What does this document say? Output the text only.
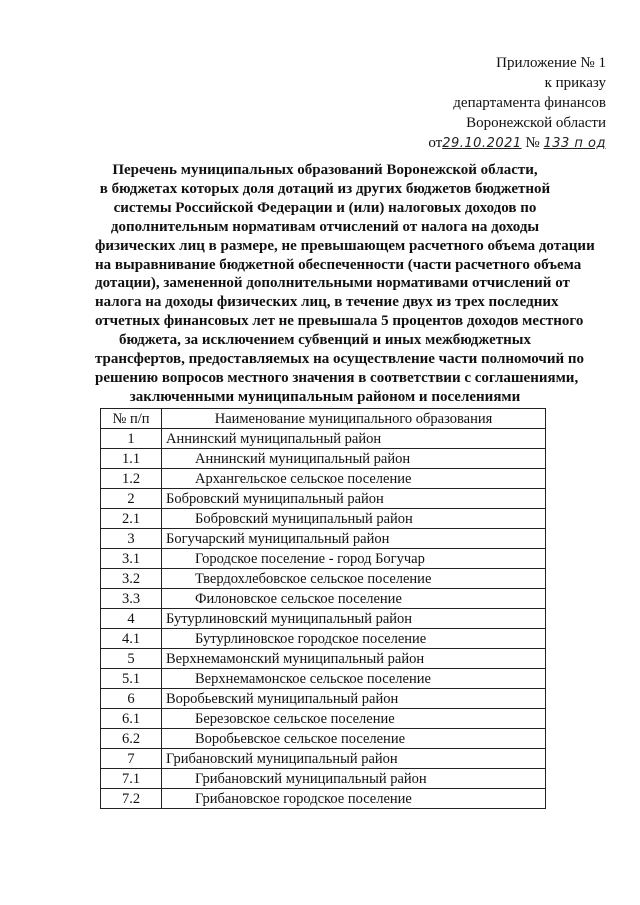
Приложение № 1
к приказу
департамента финансов
Воронежской области
от29.10.2021 № 133 п од
Перечень муниципальных образований Воронежской области,
в бюджетах которых доля дотаций из других бюджетов бюджетной
системы Российской Федерации и (или) налоговых доходов по
дополнительным нормативам отчислений от налога на доходы
физических лиц в размере, не превышающем расчетного объема дотации
на выравнивание бюджетной обеспеченности (части расчетного объема
дотации), замененной дополнительными нормативами отчислений от
налога на доходы физических лиц, в течение двух из трех последних
отчетных финансовых лет не превышала 5 процентов доходов местного
бюджета, за исключением субвенций и иных межбюджетных
трансфертов, предоставляемых на осуществление части полномочий по
решению вопросов местного значения в соответствии с соглашениями,
заключенными муниципальным районом и поселениями
№ п/п	Наименование муниципального образования
1	Аннинский муниципальный район
1.1	Аннинский муниципальный район
1.2	Архангельское сельское поселение
2	Бобровский муниципальный район
2.1	Бобровский муниципальный район
3	Богучарский муниципальный район
3.1	Городское поселение - город Богучар
3.2	Твердохлебовское сельское поселение
3.3	Филоновское сельское поселение
4	Бутурлиновский муниципальный район
4.1	Бутурлиновское городское поселение
5	Верхнемамонский муниципальный район
5.1	Верхнемамонское сельское поселение
6	Воробьевский муниципальный район
6.1	Березовское сельское поселение
6.2	Воробьевское сельское поселение
7	Грибановский муниципальный район
7.1	Грибановский муниципальный район
7.2	Грибановское городское поселение
